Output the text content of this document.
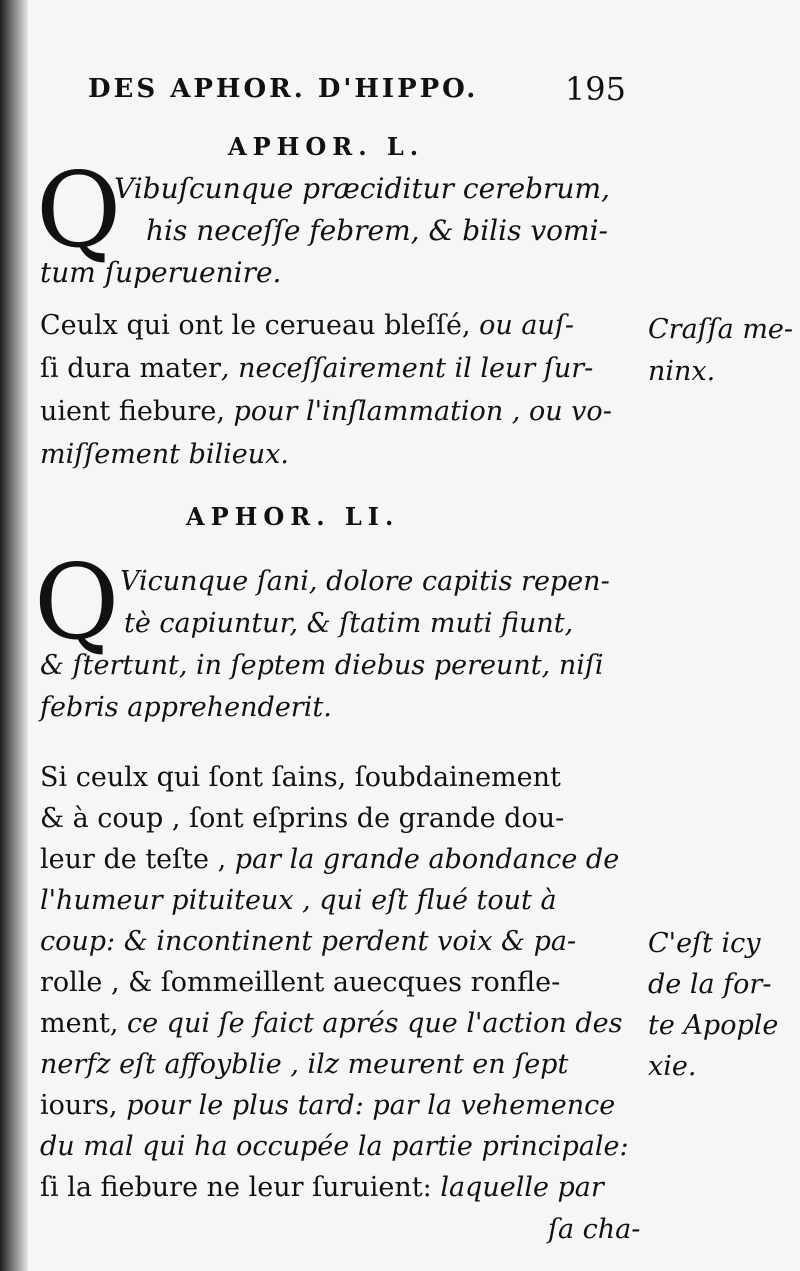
DES APHOR. D'HIPPO.	195
APHOR. L.
Q
Vibuſcunque præciditur cerebrum,
his neceſſe febrem, & bilis vomi-
tum ſuperuenire.
Ceulx qui ont le cerueau bleſſé, ou auſ-
ſi dura mater, neceſſairement il leur ſur-
uient fiebure, pour l'inſlammation , ou vo-
miſſement bilieux.
Craſſa me-
ninx.
APHOR. LI.
Q Vicunque ſani, dolore capitis repen-
tè capiuntur, & ſtatim muti fiunt,
& ſtertunt, in ſeptem diebus pereunt, niſi
febris apprehenderit.
Si ceulx qui ſont ſains, ſoubdainement
& à coup , ſont eſprins de grande dou-
leur de teſte , par la grande abondance de
l'humeur pituiteux , qui eſt flué tout à
coup: & incontinent perdent voix & pa-
rolle , & ſommeillent auecques ronfle-
ment, ce qui ſe faict aprés que l'action des
nerfz eſt affoyblie , ilz meurent en ſept
iours, pour le plus tard: par la vehemence
du mal qui ha occupée la partie principale:
ſi la fiebure ne leur ſuruient: laquelle par
C'eſt icy
de la for-
te Apople
xie.
ſa cha-
